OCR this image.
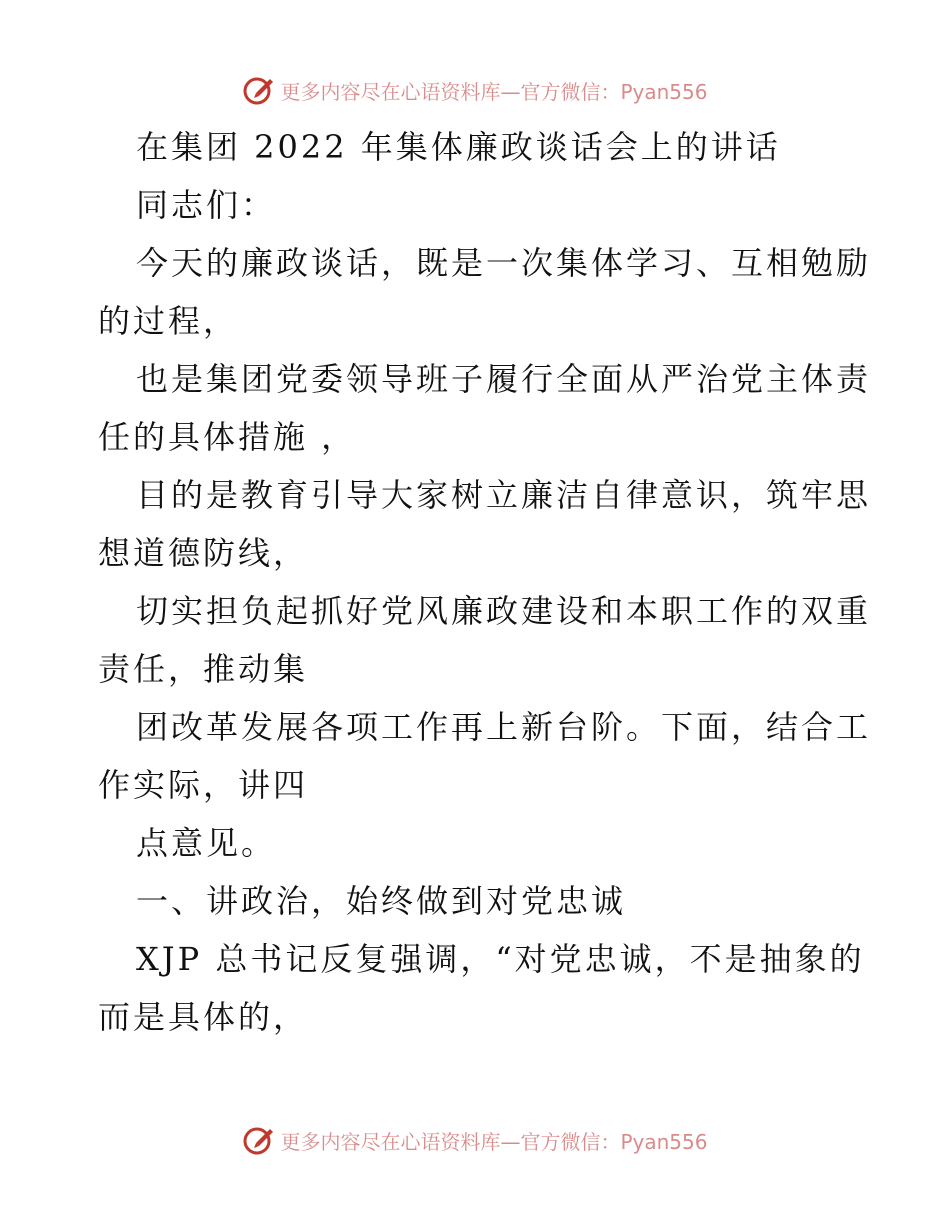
更多内容尽在心语资料库—官方微信：Pyan556
在集团 2022 年集体廉政谈话会上的讲话
同志们：
今天的廉政谈话，既是一次集体学习、互相勉励
的过程，
也是集团党委领导班子履行全面从严治党主体责
任的具体措施 ，
目的是教育引导大家树立廉洁自律意识，筑牢思
想道德防线，
切实担负起抓好党风廉政建设和本职工作的双重
责任，推动集
团改革发展各项工作再上新台阶。下面，结合工
作实际，讲四
点意见。
一、讲政治，始终做到对党忠诚
XJP 总书记反复强调，“对党忠诚，不是抽象的
而是具体的，
更多内容尽在心语资料库—官方微信：Pyan556
